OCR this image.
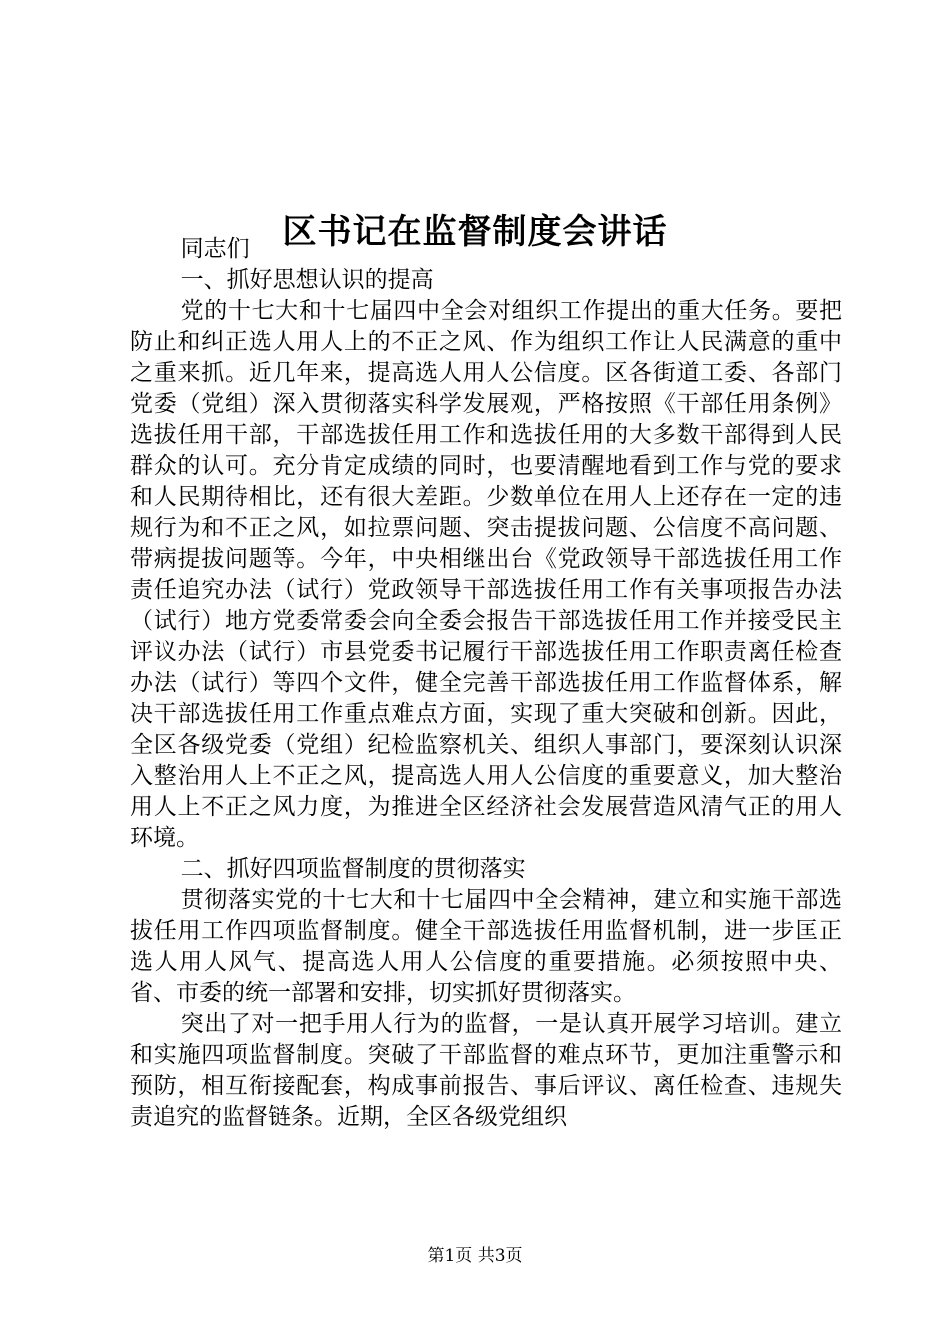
区书记在监督制度会讲话

同志们

一、抓好思想认识的提高

党的十七大和十七届四中全会对组织工作提出的重大任务。要把防止和纠正选人用人上的不正之风、作为组织工作让人民满意的重中之重来抓。近几年来，提高选人用人公信度。区各街道工委、各部门党委（党组）深入贯彻落实科学发展观，严格按照《干部任用条例》选拔任用干部，干部选拔任用工作和选拔任用的大多数干部得到人民群众的认可。充分肯定成绩的同时，也要清醒地看到工作与党的要求和人民期待相比，还有很大差距。少数单位在用人上还存在一定的违规行为和不正之风，如拉票问题、突击提拔问题、公信度不高问题、带病提拔问题等。今年，中央相继出台《党政领导干部选拔任用工作责任追究办法（试行）党政领导干部选拔任用工作有关事项报告办法（试行）地方党委常委会向全委会报告干部选拔任用工作并接受民主评议办法（试行）市县党委书记履行干部选拔任用工作职责离任检查办法（试行）等四个文件，健全完善干部选拔任用工作监督体系，解决干部选拔任用工作重点难点方面，实现了重大突破和创新。因此，全区各级党委（党组）纪检监察机关、组织人事部门，要深刻认识深入整治用人上不正之风，提高选人用人公信度的重要意义，加大整治用人上不正之风力度，为推进全区经济社会发展营造风清气正的用人环境。

二、抓好四项监督制度的贯彻落实

贯彻落实党的十七大和十七届四中全会精神，建立和实施干部选拔任用工作四项监督制度。健全干部选拔任用监督机制，进一步匡正选人用人风气、提高选人用人公信度的重要措施。必须按照中央、省、市委的统一部署和安排，切实抓好贯彻落实。

突出了对一把手用人行为的监督，一是认真开展学习培训。建立和实施四项监督制度。突破了干部监督的难点环节，更加注重警示和预防，相互衔接配套，构成事前报告、事后评议、离任检查、违规失责追究的监督链条。近期，全区各级党组织

第1页 共3页
